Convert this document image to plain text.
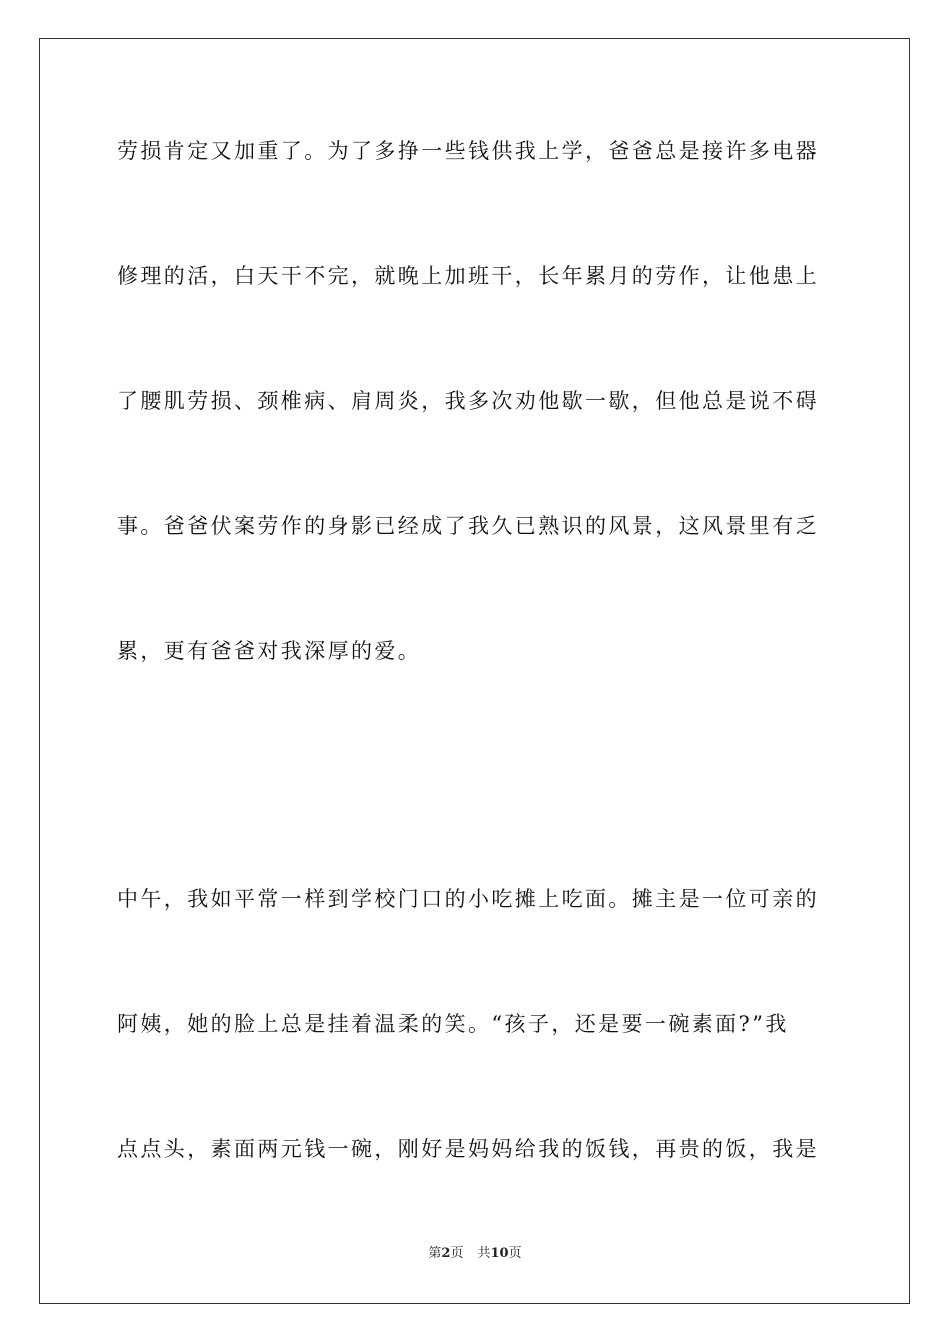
劳损肯定又加重了。为了多挣一些钱供我上学，爸爸总是接许多电器
修理的活，白天干不完，就晚上加班干，长年累月的劳作，让他患上
了腰肌劳损、颈椎病、肩周炎，我多次劝他歇一歇，但他总是说不碍
事。爸爸伏案劳作的身影已经成了我久已熟识的风景，这风景里有乏
累，更有爸爸对我深厚的爱。
中午，我如平常一样到学校门口的小吃摊上吃面。摊主是一位可亲的
阿姨，她的脸上总是挂着温柔的笑。“孩子，还是要一碗素面?”我
点点头，素面两元钱一碗，刚好是妈妈给我的饭钱，再贵的饭，我是
第2页 共10页
